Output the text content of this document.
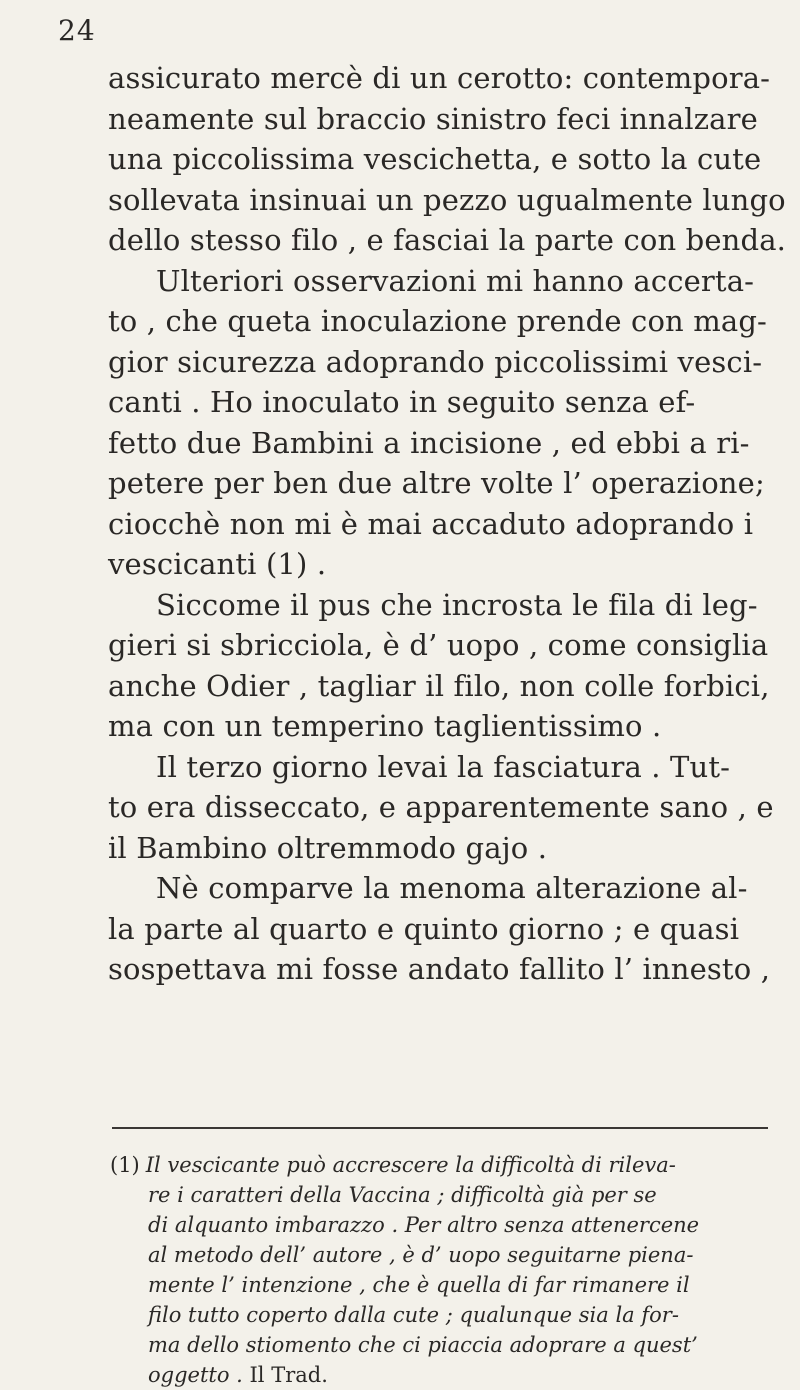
24
assicurato mercè di un cerotto: contempora-
neamente sul braccio sinistro feci innalzare
una piccolissima vescichetta, e sotto la cute
sollevata insinuai un pezzo ugualmente lungo
dello stesso filo , e fasciai la parte con benda.
Ulteriori osservazioni mi hanno accerta-
to , che queta inoculazione prende con mag-
gior sicurezza adoprando piccolissimi vesci-
canti . Ho inoculato in seguito senza ef-
fetto due Bambini a incisione , ed ebbi a ri-
petere per ben due altre volte l’ operazione;
ciocchè non mi è mai accaduto adoprando i
vescicanti (1) .
Siccome il pus che incrosta le fila di leg-
gieri si sbricciola, è d’ uopo , come consiglia
anche Odier , tagliar il filo, non colle forbici,
ma con un temperino taglientissimo .
Il terzo giorno levai la fasciatura . Tut-
to era disseccato, e apparentemente sano , e
il Bambino oltremmodo gajo .
Nè comparve la menoma alterazione al-
la parte al quarto e quinto giorno ; e quasi
sospettava mi fosse andato fallito l’ innesto ,
(1) Il vescicante può accrescere la difficoltà di rileva-
re i caratteri della Vaccina ; difficoltà già per se
di alquanto imbarazzo . Per altro senza attenercene
al metodo dell’ autore , è d’ uopo seguitarne piena-
mente l’ intenzione , che è quella di far rimanere il
filo tutto coperto dalla cute ; qualunque sia la for-
ma dello stiomento che ci piaccia adoprare a quest’
oggetto . Il Trad.
